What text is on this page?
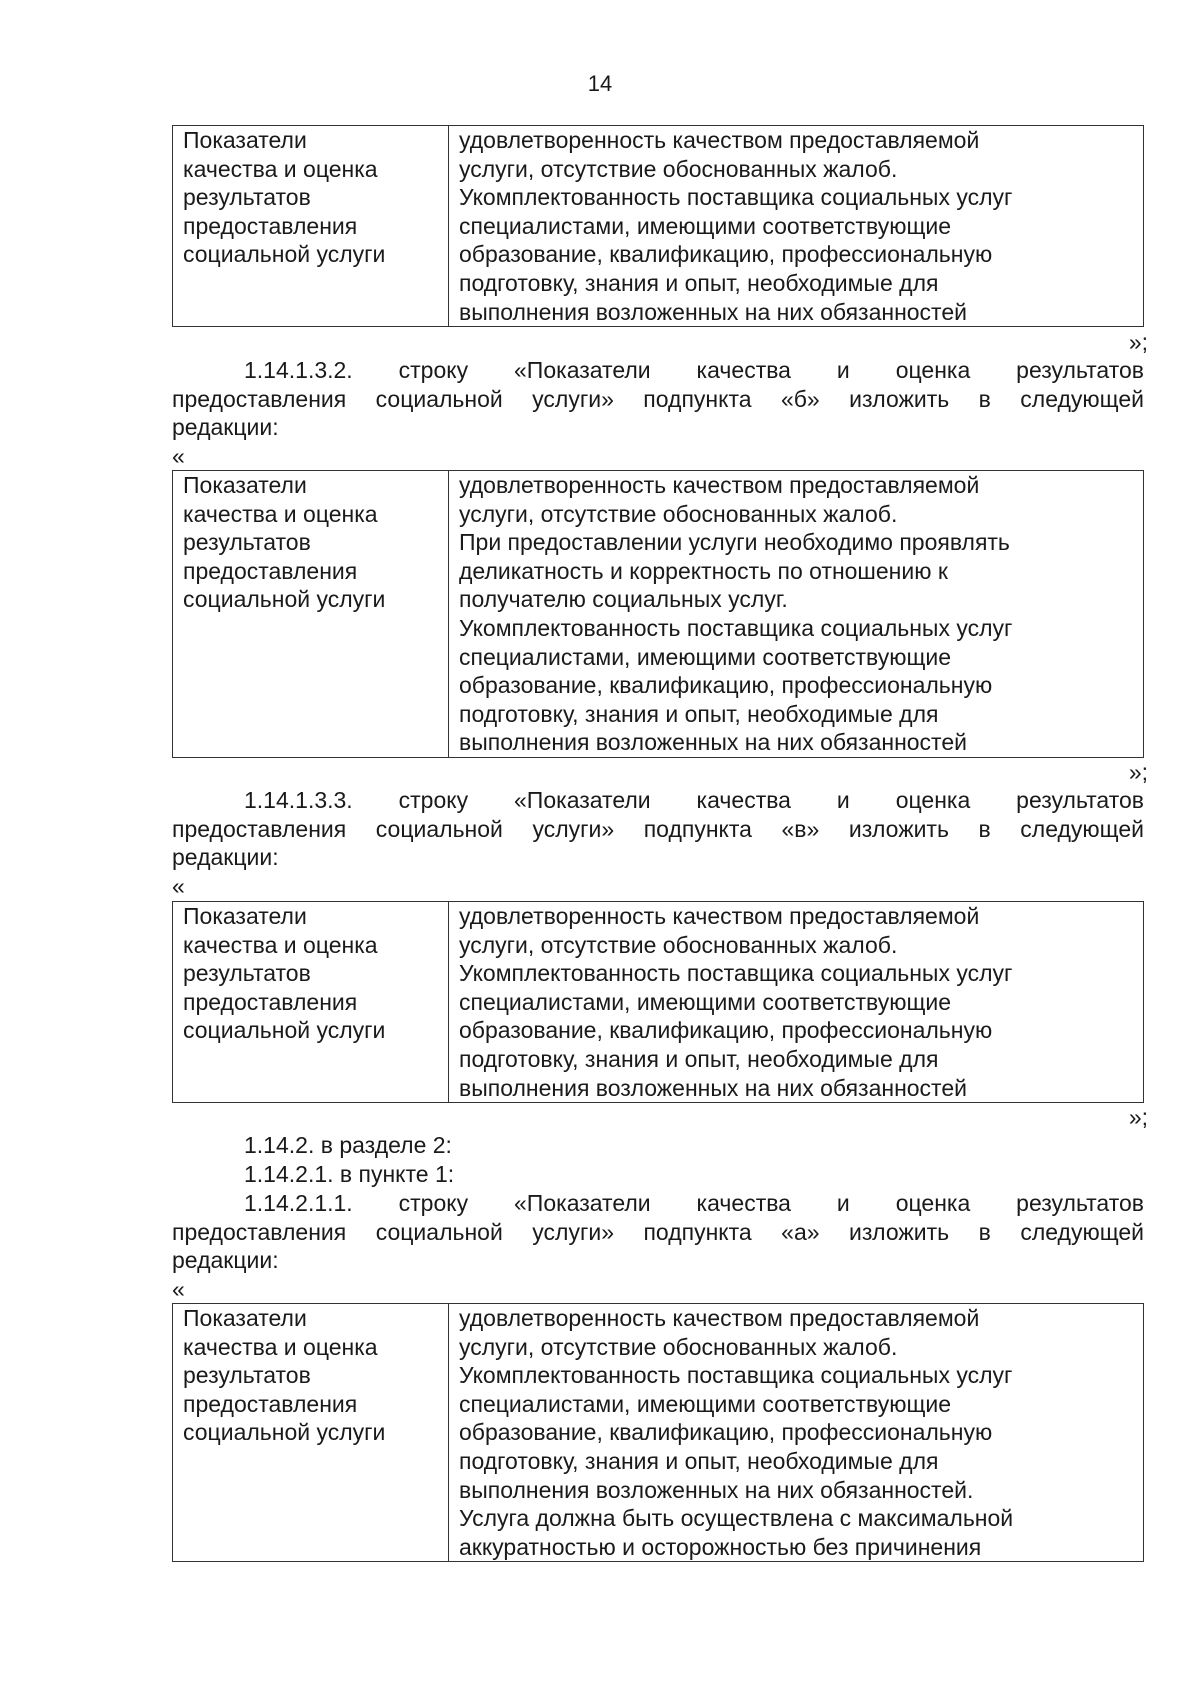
14
Показатели
качества и оценка
результатов
предоставления
социальной услуги	удовлетворенность качеством предоставляемой
услуги, отсутствие обоснованных жалоб.
Укомплектованность поставщика социальных услуг
специалистами, имеющими соответствующие
образование, квалификацию, профессиональную
подготовку, знания и опыт, необходимые для
выполнения возложенных на них обязанностей
»;
1.14.1.3.2. строку «Показатели качества и оценка результатов
предоставления социальной услуги» подпункта «б» изложить в следующей
редакции:
«
Показатели
качества и оценка
результатов
предоставления
социальной услуги	удовлетворенность качеством предоставляемой
услуги, отсутствие обоснованных жалоб.
При предоставлении услуги необходимо проявлять
деликатность и корректность по отношению к
получателю социальных услуг.
Укомплектованность поставщика социальных услуг
специалистами, имеющими соответствующие
образование, квалификацию, профессиональную
подготовку, знания и опыт, необходимые для
выполнения возложенных на них обязанностей
»;
1.14.1.3.3. строку «Показатели качества и оценка результатов
предоставления социальной услуги» подпункта «в» изложить в следующей
редакции:
«
Показатели
качества и оценка
результатов
предоставления
социальной услуги	удовлетворенность качеством предоставляемой
услуги, отсутствие обоснованных жалоб.
Укомплектованность поставщика социальных услуг
специалистами, имеющими соответствующие
образование, квалификацию, профессиональную
подготовку, знания и опыт, необходимые для
выполнения возложенных на них обязанностей
»;
1.14.2. в разделе 2:
1.14.2.1. в пункте 1:
1.14.2.1.1. строку «Показатели качества и оценка результатов
предоставления социальной услуги» подпункта «а» изложить в следующей
редакции:
«
Показатели
качества и оценка
результатов
предоставления
социальной услуги	удовлетворенность качеством предоставляемой
услуги, отсутствие обоснованных жалоб.
Укомплектованность поставщика социальных услуг
специалистами, имеющими соответствующие
образование, квалификацию, профессиональную
подготовку, знания и опыт, необходимые для
выполнения возложенных на них обязанностей.
Услуга должна быть осуществлена с максимальной
аккуратностью и осторожностью без причинения
